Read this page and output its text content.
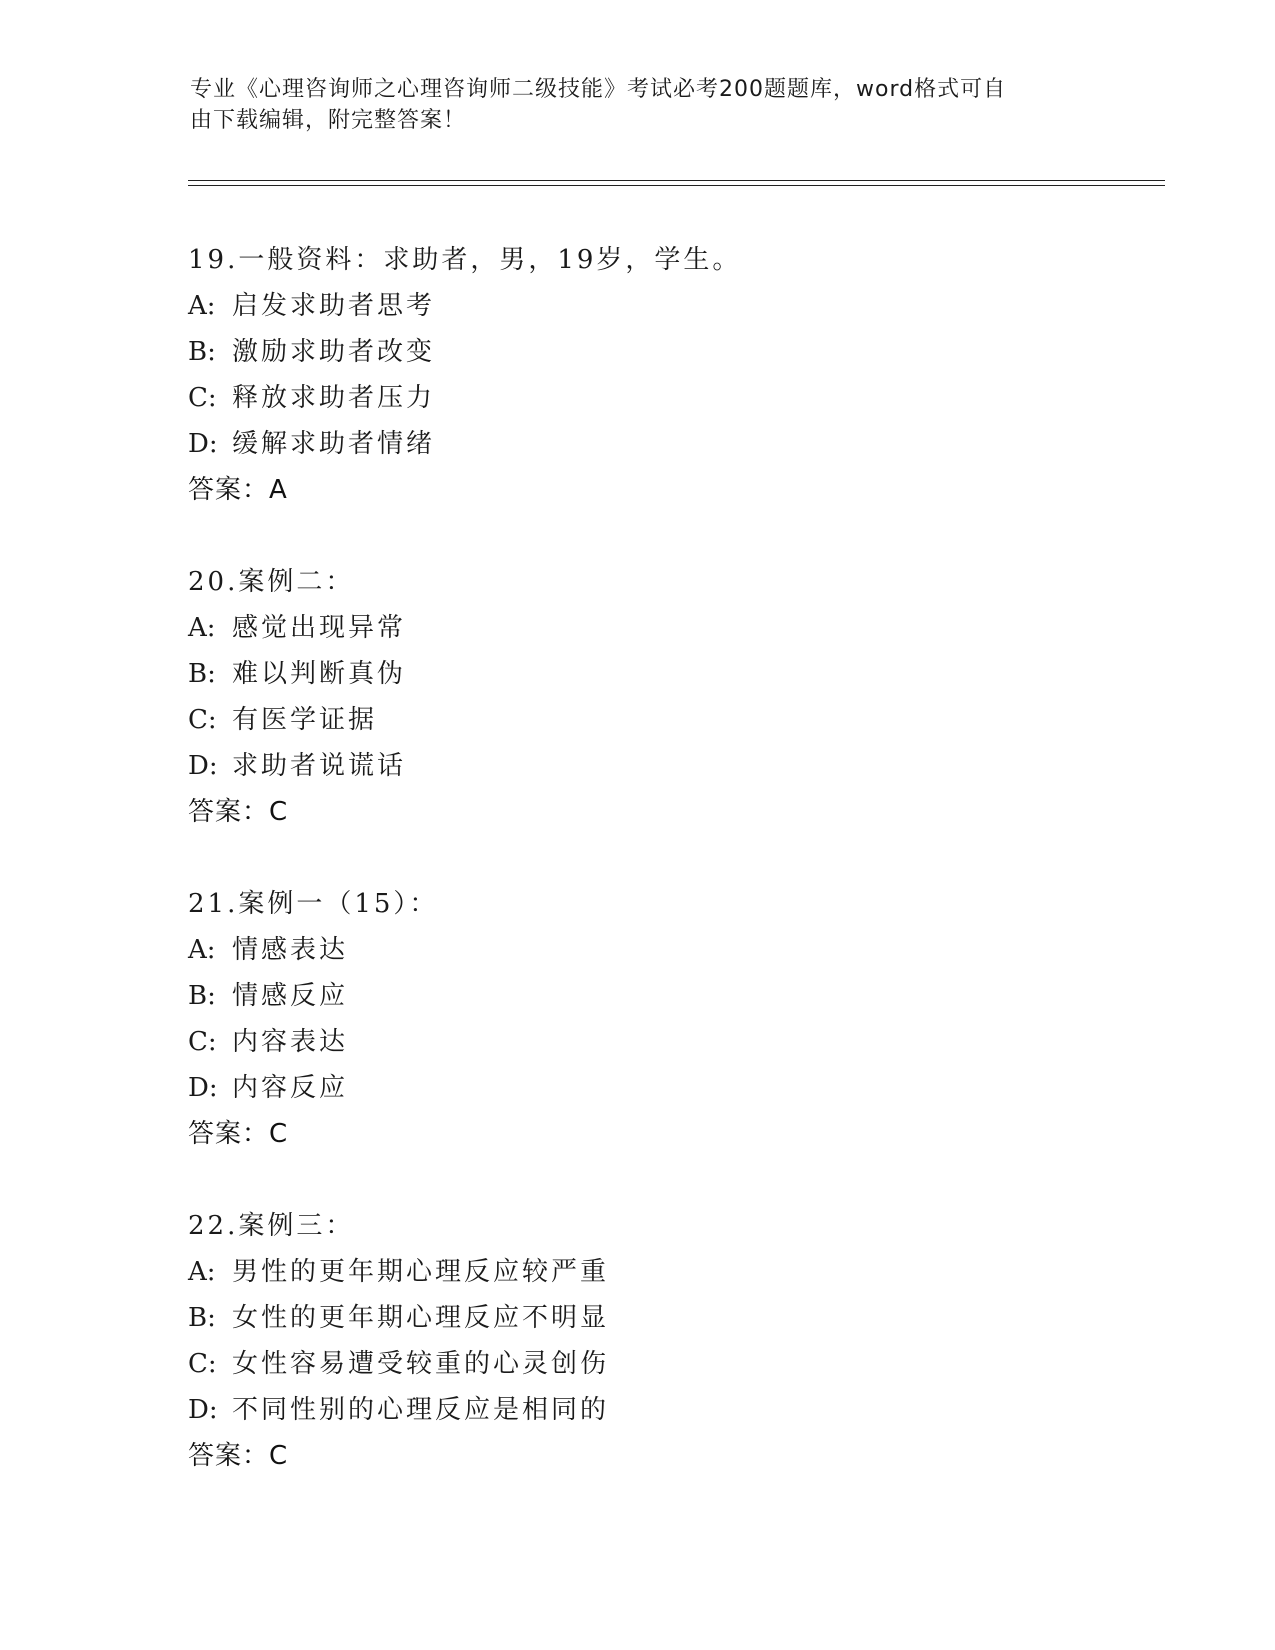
专业《心理咨询师之心理咨询师二级技能》考试必考200题题库，word格式可自
由下载编辑，附完整答案！
19.一般资料：求助者，男，19岁，学生。
A: 启发求助者思考
B: 激励求助者改变
C: 释放求助者压力
D: 缓解求助者情绪
答案：A
20.案例二：
A: 感觉出现异常
B: 难以判断真伪
C: 有医学证据
D: 求助者说谎话
答案：C
21.案例一（15）：
A: 情感表达
B: 情感反应
C: 内容表达
D: 内容反应
答案：C
22.案例三：
A: 男性的更年期心理反应较严重
B: 女性的更年期心理反应不明显
C: 女性容易遭受较重的心灵创伤
D: 不同性别的心理反应是相同的
答案：C
